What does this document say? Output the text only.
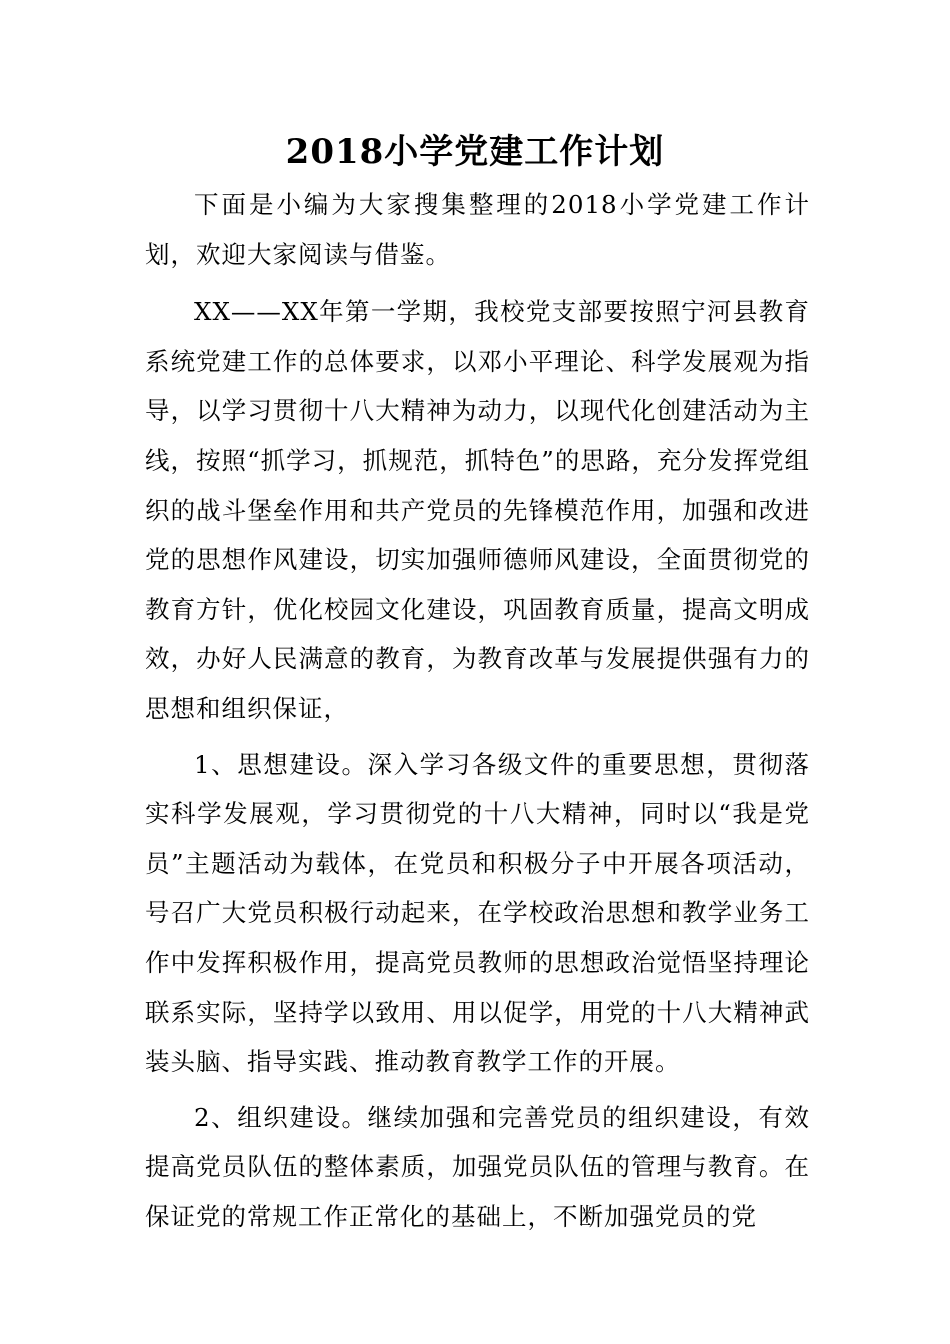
2018小学党建工作计划

下面是小编为大家搜集整理的2018小学党建工作计划，欢迎大家阅读与借鉴。

XX——XX年第一学期，我校党支部要按照宁河县教育系统党建工作的总体要求，以邓小平理论、科学发展观为指导，以学习贯彻十八大精神为动力，以现代化创建活动为主线，按照“抓学习，抓规范，抓特色”的思路，充分发挥党组织的战斗堡垒作用和共产党员的先锋模范作用，加强和改进党的思想作风建设，切实加强师德师风建设，全面贯彻党的教育方针，优化校园文化建设，巩固教育质量，提高文明成效，办好人民满意的教育，为教育改革与发展提供强有力的思想和组织保证，

1、思想建设。深入学习各级文件的重要思想，贯彻落实科学发展观，学习贯彻党的十八大精神，同时以“我是党员”主题活动为载体，在党员和积极分子中开展各项活动，号召广大党员积极行动起来，在学校政治思想和教学业务工作中发挥积极作用，提高党员教师的思想政治觉悟坚持理论联系实际，坚持学以致用、用以促学，用党的十八大精神武装头脑、指导实践、推动教育教学工作的开展。

2、组织建设。继续加强和完善党员的组织建设，有效提高党员队伍的整体素质，加强党员队伍的管理与教育。在保证党的常规工作正常化的基础上，不断加强党员的党
